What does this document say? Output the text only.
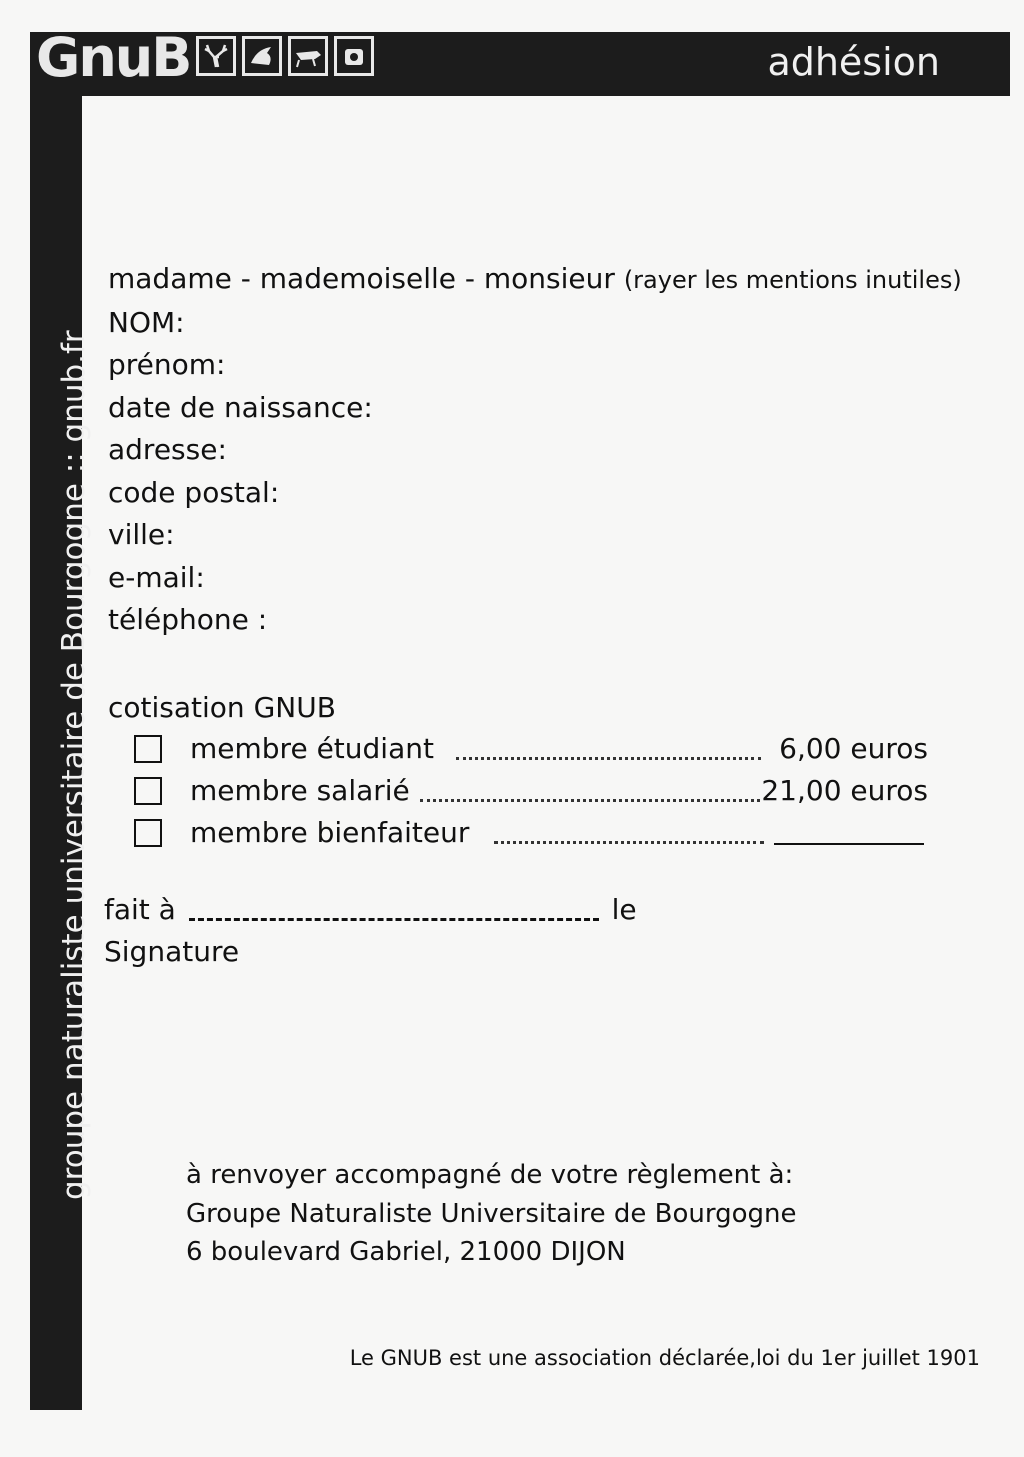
GnuB	adhésion
groupe naturaliste universitaire de Bourgogne :: gnub.fr
madame - mademoiselle - monsieur (rayer les mentions inutiles)
NOM:
prénom:
date de naissance:
adresse:
code postal:
ville:
e-mail:
téléphone :
cotisation GNUB
membre étudiant	6,00 euros
membre salarié	21,00 euros
membre bienfaiteur
fait à	le
Signature
à renvoyer accompagné de votre règlement à:
Groupe Naturaliste Universitaire de Bourgogne
6 boulevard Gabriel, 21000 DIJON
Le GNUB est une association déclarée,loi du 1er juillet 1901
